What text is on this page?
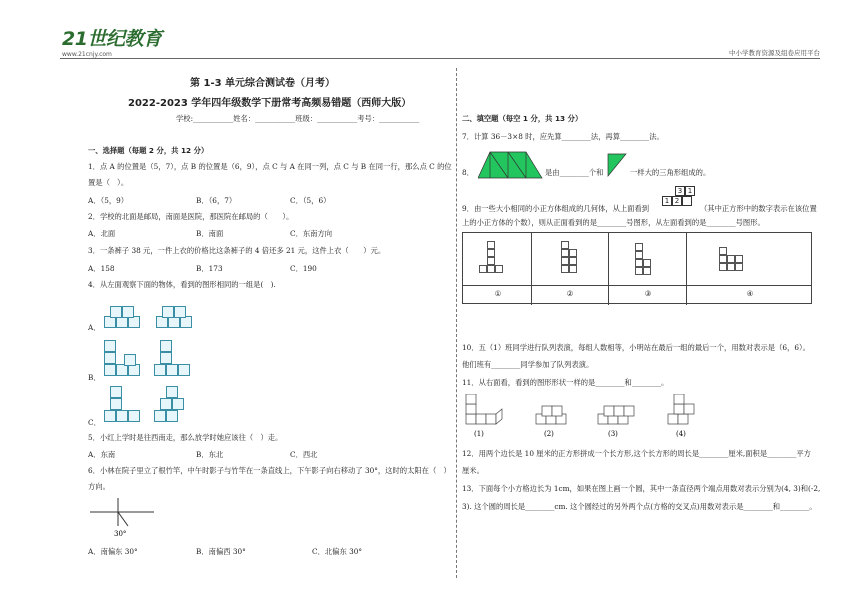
21世纪教育
www.21cnjy.com	中小学教育资源及组卷应用平台
第 1-3 单元综合测试卷（月考）
2022-2023 学年四年级数学下册常考高频易错题（西师大版）
学校:___________姓名：___________班级：___________考号：___________
一、选择题（每题 2 分，共 12 分）
1．点 A 的位置是（5，7），点 B 的位置是（6，9），点 C 与 A 在同一列，点 C 与 B 在同一行，那么点 C 的位
置是（　）。
A．（5，9）	B．（6，7）	C．（5，6）
2．学校的北面是邮局，南面是医院，那医院在邮局的（　　）。
A．北面	B．南面	C．东南方向
3．一条裤子 38 元，一件上衣的价格比这条裤子的 4 倍还多 21 元，这件上衣（　　）元。
A．158	B．173	C．190
4．从左面观察下面的物体，看到的图形相同的一组是(　).
A．
B．
C．
5．小红上学时是往西南走，那么放学时她应该往（　）走。
A．东南	B．东北	C．西北
6．小林在院子里立了根竹竿，中午时影子与竹竿在一条直线上，下午影子向右移动了 30°，这时的太阳在（　）
方向。
30°
A．南偏东 30°	B．南偏西 30°	C．北偏东 30°
二、填空题（每空 1 分，共 13 分）
7．计算 36－3×8 时，应先算________法，再算________法。
8．	是由________个和	一样大的三角形组成的。
9．由一些大小相同的小正方体组成的几何体，从上面看到
3 1
1 2
（其中正方形中的数字表示在该位置
上的小正方体的个数），则从正面看到的是________号图形，从左面看到的是________号图形。
①	②	③	④
10．五（1）班同学进行队列表演，每组人数相等，小明站在最后一组的最后一个，用数对表示是（6，6）。
他们班有________同学参加了队列表演。
11．从右面看，看到的图形形状一样的是________和________。
(1)	(2)	(3)	(4)
12．用两个边长是 10 厘米的正方形拼成一个长方形,这个长方形的周长是________厘米,面积是________平方
厘米。
13．下面每个小方格边长为 1cm，如果在图上画一个圆，其中一条直径两个端点用数对表示分别为(4, 3)和(-2,
3). 这个圆的周长是________cm. 这个圆经过的另外两个点(方格的交叉点)用数对表示是________和________。
